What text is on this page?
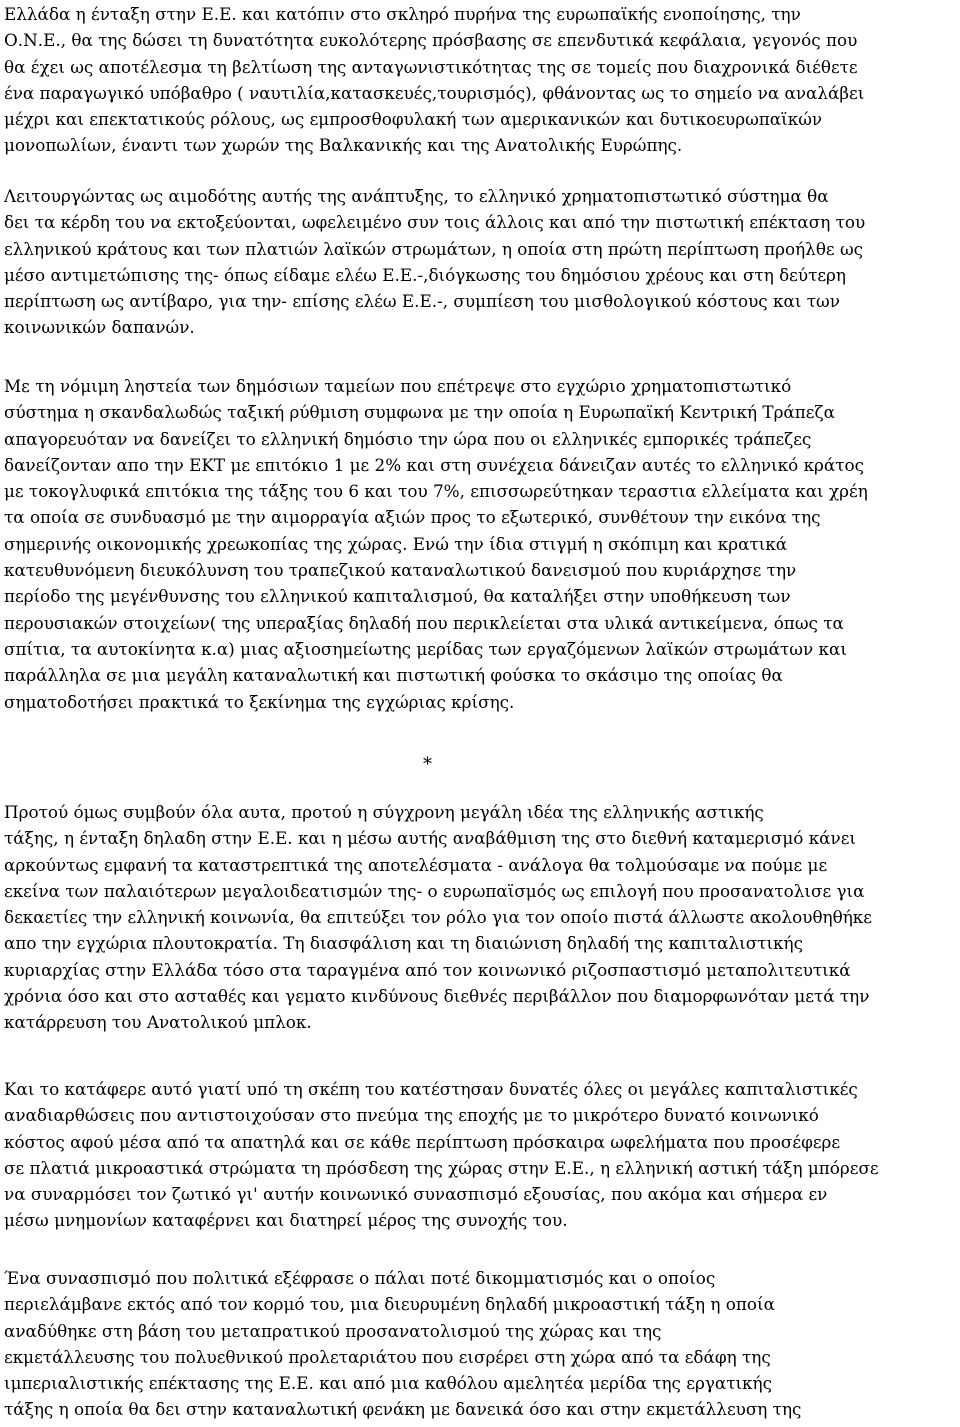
Ελλάδα η ένταξη στην Ε.Ε. και κατόπιν στο σκληρό πυρήνα της ευρωπαϊκής ενοποίησης, την
Ο.Ν.Ε., θα της δώσει τη δυνατότητα ευκολότερης πρόσβασης σε επενδυτικά κεφάλαια, γεγονός που
θα έχει ως αποτέλεσμα τη βελτίωση της ανταγωνιστικότητας της σε τομείς που διαχρονικά διέθετε
ένα παραγωγικό υπόβαθρο ( ναυτιλία,κατασκευές,τουρισμός), φθάνοντας ως το σημείο να αναλάβει
μέχρι και επεκτατικούς ρόλους, ως εμπροσθοφυλακή των αμερικανικών και δυτικοευρωπαϊκών
μονοπωλίων, έναντι των χωρών της Βαλκανικής και της Ανατολικής Ευρώπης.
Λειτουργώντας ως αιμοδότης αυτής της ανάπτυξης, το ελληνικό χρηματοπιστωτικό σύστημα θα
δει τα κέρδη του να εκτοξεύονται, ωφελειμένο συν τοις άλλοις και από την πιστωτική επέκταση του
ελληνικού κράτους και των πλατιών λαϊκών στρωμάτων, η οποία στη πρώτη περίπτωση προήλθε ως
μέσο αντιμετώπισης της- όπως είδαμε ελέω Ε.Ε.-,διόγκωσης του δημόσιου χρέους και στη δεύτερη
περίπτωση ως αντίβαρο, για την- επίσης ελέω Ε.Ε.-, συμπίεση του μισθολογικού κόστους και των
κοινωνικών δαπανών.
Με τη νόμιμη ληστεία των δημόσιων ταμείων που επέτρεψε στο εγχώριο χρηματοπιστωτικό
σύστημα η σκανδαλωδώς ταξική ρύθμιση συμφωνα με την οποία η Ευρωπαϊκή Κεντρική Τράπεζα
απαγορευόταν να δανείζει το ελληνική δημόσιο την ώρα που οι ελληνικές εμπορικές τράπεζες
δανείζονταν απο την ΕΚΤ με επιτόκιο 1 με 2% και στη συνέχεια δάνειζαν αυτές το ελληνικό κράτος
με τοκογλυφικά επιτόκια της τάξης του 6 και του 7%, επισσωρεύτηκαν τεραστια ελλείματα και χρέη
τα οποία σε συνδυασμό με την αιμορραγία αξιών προς το εξωτερικό, συνθέτουν την εικόνα της
σημερινής οικονομικής χρεωκοπίας της χώρας. Ενώ την ίδια στιγμή η σκόπιμη και κρατικά
κατευθυνόμενη διευκόλυνση του τραπεζικού καταναλωτικού δανεισμού που κυριάρχησε την
περίοδο της μεγένθυνσης του ελληνικού καπιταλισμού, θα καταλήξει στην υποθήκευση των
περουσιακών στοιχείων( της υπεραξίας δηλαδή που περικλείεται στα υλικά αντικείμενα, όπως τα
σπίτια, τα αυτοκίνητα κ.α) μιας αξιοσημείωτης μερίδας των εργαζόμενων λαϊκών στρωμάτων και
παράλληλα σε μια μεγάλη καταναλωτική και πιστωτική φούσκα το σκάσιμο της οποίας θα
σηματοδοτήσει πρακτικά το ξεκίνημα της εγχώριας κρίσης.
*
Προτού όμως συμβούν όλα αυτα, προτού η σύγχρονη μεγάλη ιδέα της ελληνικής αστικής
τάξης, η ένταξη δηλαδη στην Ε.Ε. και η μέσω αυτής αναβάθμιση της στο διεθνή καταμερισμό κάνει
αρκούντως εμφανή τα καταστρεπτικά της αποτελέσματα - ανάλογα θα τολμούσαμε να πούμε με
εκείνα των παλαιότερων μεγαλοιδεατισμών της- ο ευρωπαϊσμός ως επιλογή που προσανατολισε για
δεκαετίες την ελληνική κοινωνία, θα επιτεύξει τον ρόλο για τον οποίο πιστά άλλωστε ακολουθηθήκε
απο την εγχώρια πλουτοκρατία. Τη διασφάλιση και τη διαιώνιση δηλαδή της καπιταλιστικής
κυριαρχίας στην Ελλάδα τόσο στα ταραγμένα από τον κοινωνικό ριζοσπαστισμό μεταπολιτευτικά
χρόνια όσο και στο ασταθές και γεματο κινδύνους διεθνές περιβάλλον που διαμορφωνόταν μετά την
κατάρρευση του Ανατολικού μπλοκ.
Και το κατάφερε αυτό γιατί υπό τη σκέπη του κατέστησαν δυνατές όλες οι μεγάλες καπιταλιστικές
αναδιαρθώσεις που αντιστοιχούσαν στο πνεύμα της εποχής με το μικρότερο δυνατό κοινωνικό
κόστος αφού μέσα από τα απατηλά και σε κάθε περίπτωση πρόσκαιρα ωφελήματα που προσέφερε
σε πλατιά μικροαστικά στρώματα τη πρόσδεση της χώρας στην Ε.Ε., η ελληνική αστική τάξη μπόρεσε
να συναρμόσει τον ζωτικό γι' αυτήν κοινωνικό συνασπισμό εξουσίας, που ακόμα και σήμερα εν
μέσω μνημονίων καταφέρνει και διατηρεί μέρος της συνοχής του.
Ένα συνασπισμό που πολιτικά εξέφρασε ο πάλαι ποτέ δικομματισμός και ο οποίος
περιελάμβανε εκτός από τον κορμό του, μια διευρυμένη δηλαδή μικροαστική τάξη η οποία
αναδύθηκε στη βάση του μεταπρατικού προσανατολισμού της χώρας και της
εκμετάλλευσης του πολυεθνικού προλεταριάτου που εισρέρει στη χώρα από τα εδάφη της
ιμπεριαλιστικής επέκτασης της Ε.Ε. και από μια καθόλου αμελητέα μερίδα της εργατικής
τάξης η οποία θα δει στην καταναλωτική φενάκη με δανεικά όσο και στην εκμετάλλευση της
